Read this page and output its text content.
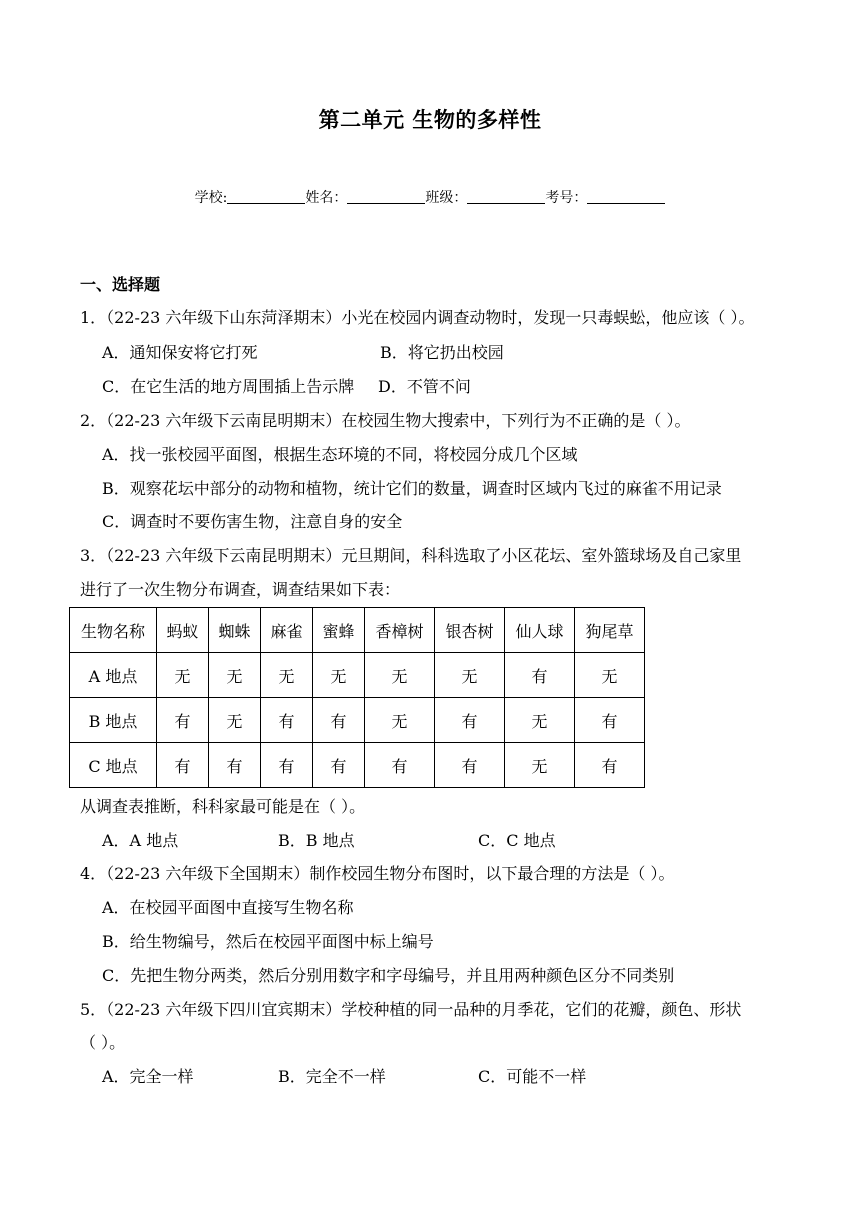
第二单元 生物的多样性
学校:	姓名：	班级：	考号：
一、选择题
1．（22-23 六年级下山东菏泽期末）小光在校园内调查动物时，发现一只毒蜈蚣，他应该（ ）。
A．通知保安将它打死	B．将它扔出校园
C．在它生活的地方周围插上告示牌 D．不管不问
2．（22-23 六年级下云南昆明期末）在校园生物大搜索中，下列行为不正确的是（ ）。
A．找一张校园平面图，根据生态环境的不同，将校园分成几个区域
B．观察花坛中部分的动物和植物，统计它们的数量，调查时区域内飞过的麻雀不用记录
C．调查时不要伤害生物，注意自身的安全
3．（22-23 六年级下云南昆明期末）元旦期间，科科选取了小区花坛、室外篮球场及自己家里
进行了一次生物分布调查，调查结果如下表：
生物名称	蚂蚁	蜘蛛	麻雀	蜜蜂	香樟树	银杏树	仙人球	狗尾草
A 地点	无	无	无	无	无	无	有	无
B 地点	有	无	有	有	无	有	无	有
C 地点	有	有	有	有	有	有	无	有
从调查表推断，科科家最可能是在（ ）。
A．A 地点	B．B 地点	C．C 地点
4．（22-23 六年级下全国期末）制作校园生物分布图时，以下最合理的方法是（ ）。
A．在校园平面图中直接写生物名称
B．给生物编号，然后在校园平面图中标上编号
C．先把生物分两类，然后分别用数字和字母编号，并且用两种颜色区分不同类别
5．（22-23 六年级下四川宜宾期末）学校种植的同一品种的月季花，它们的花瓣，颜色、形状
（ ）。
A．完全一样	B．完全不一样	C．可能不一样
